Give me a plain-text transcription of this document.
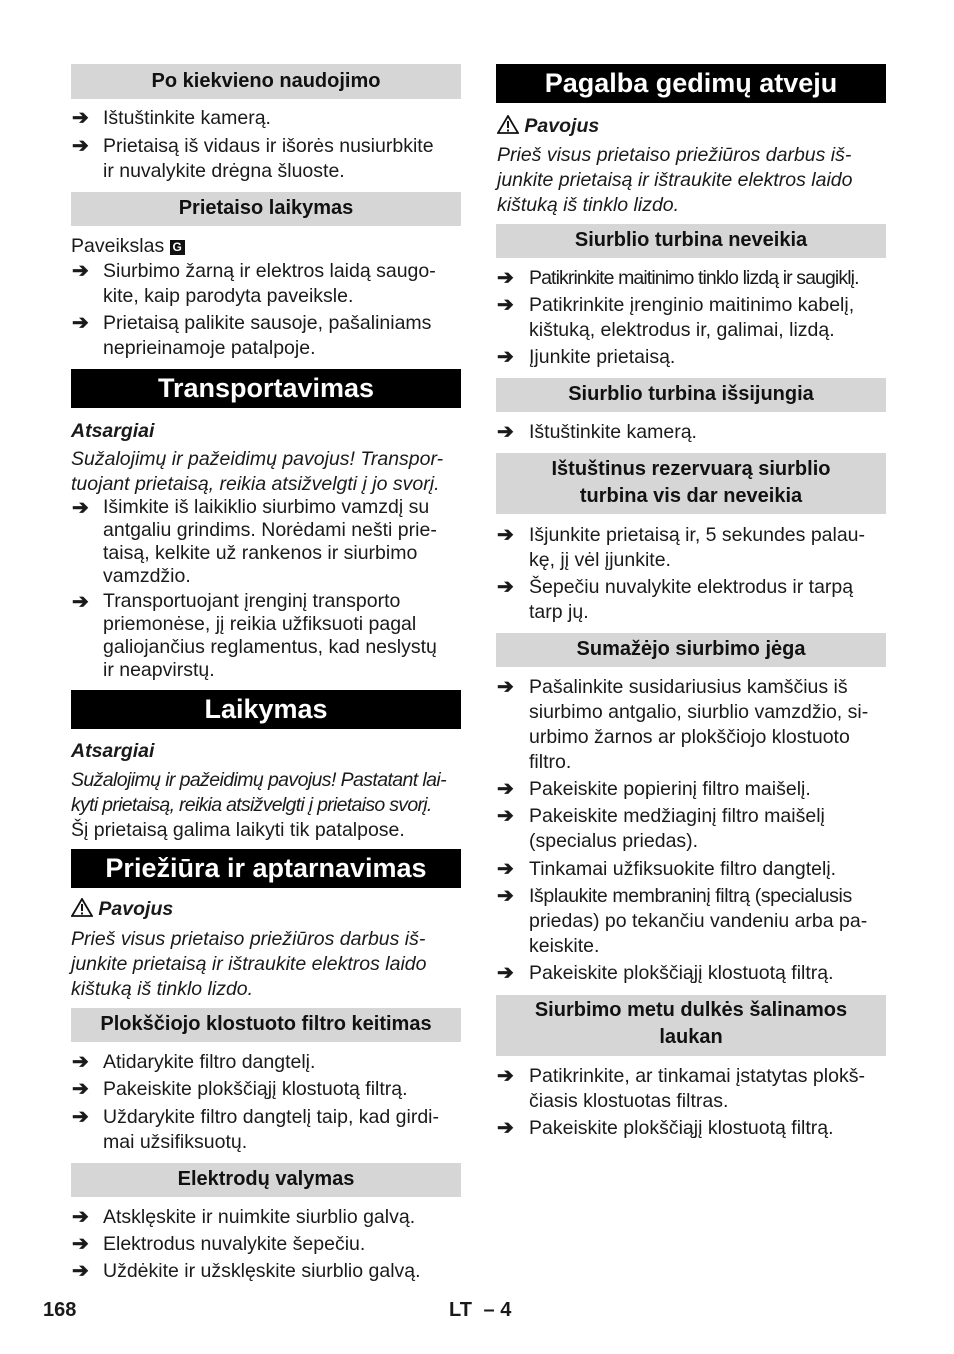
Po kiekvieno naudojimo
➔ Ištuštinkite kamerą.
➔ Prietaisą iš vidaus ir išorės nusiurbkite
ir nuvalykite drėgna šluoste.
Prietaiso laikymas
Paveikslas G
➔ Siurbimo žarną ir elektros laidą saugo-
kite, kaip parodyta paveiksle.
➔ Prietaisą palikite sausoje, pašaliniams
neprieinamoje patalpoje.
Transportavimas
Atsargiai
Sužalojimų ir pažeidimų pavojus! Transpor-
tuojant prietaisą, reikia atsižvelgti į jo svorį.
➔ Išimkite iš laikiklio siurbimo vamzdį su
antgaliu grindims. Norėdami nešti prie-
taisą, kelkite už rankenos ir siurbimo
vamzdžio.
➔ Transportuojant įrenginį transporto
priemonėse, jį reikia užfiksuoti pagal
galiojančius reglamentus, kad neslystų
ir neapvirstų.
Laikymas
Atsargiai
Sužalojimų ir pažeidimų pavojus! Pastatant lai-
kyti prietaisą, reikia atsižvelgti į prietaiso svorį.
Šį prietaisą galima laikyti tik patalpose.
Priežiūra ir aptarnavimas
Pavojus
Prieš visus prietaiso priežiūros darbus iš-
junkite prietaisą ir ištraukite elektros laido
kištuką iš tinklo lizdo.
Plokščiojo klostuoto filtro keitimas
➔ Atidarykite filtro dangtelį.
➔ Pakeiskite plokščiąjį klostuotą filtrą.
➔ Uždarykite filtro dangtelį taip, kad girdi-
mai užsifiksuotų.
Elektrodų valymas
➔ Atsklęskite ir nuimkite siurblio galvą.
➔ Elektrodus nuvalykite šepečiu.
➔ Uždėkite ir užsklęskite siurblio galvą.
Pagalba gedimų atveju
Pavojus
Prieš visus prietaiso priežiūros darbus iš-
junkite prietaisą ir ištraukite elektros laido
kištuką iš tinklo lizdo.
Siurblio turbina neveikia
➔ Patikrinkite maitinimo tinklo lizdą ir saugiklį.
➔ Patikrinkite įrenginio maitinimo kabelį,
kištuką, elektrodus ir, galimai, lizdą.
➔ Įjunkite prietaisą.
Siurblio turbina išsijungia
➔ Ištuštinkite kamerą.
Ištuštinus rezervuarą siurblio
turbina vis dar neveikia
➔ Išjunkite prietaisą ir, 5 sekundes palau-
kę, jį vėl įjunkite.
➔ Šepečiu nuvalykite elektrodus ir tarpą
tarp jų.
Sumažėjo siurbimo jėga
➔ Pašalinkite susidariusius kamščius iš
siurbimo antgalio, siurblio vamzdžio, si-
urbimo žarnos ar plokščiojo klostuoto
filtro.
➔ Pakeiskite popierinį filtro maišelį.
➔ Pakeiskite medžiaginį filtro maišelį
(specialus priedas).
➔ Tinkamai užfiksuokite filtro dangtelį.
➔ Išplaukite membraninį filtrą (specialusis
priedas) po tekančiu vandeniu arba pa-
keiskite.
➔ Pakeiskite plokščiąjį klostuotą filtrą.
Siurbimo metu dulkės šalinamos
laukan
➔ Patikrinkite, ar tinkamai įstatytas plokš-
čiasis klostuotas filtras.
➔ Pakeiskite plokščiąjį klostuotą filtrą.
168	LT – 4
